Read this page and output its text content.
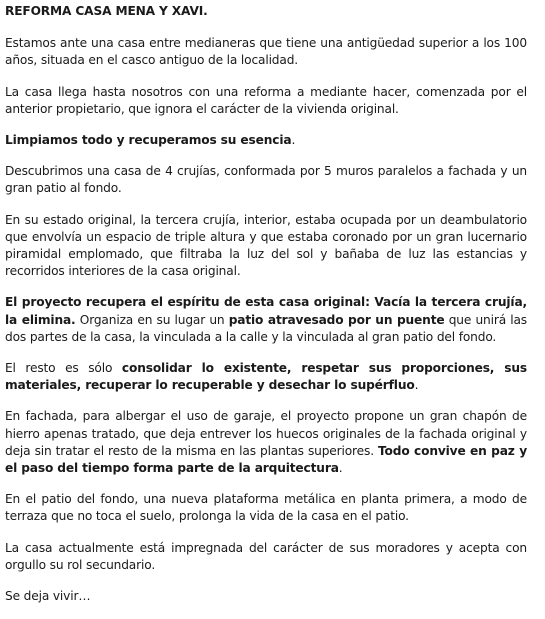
REFORMA CASA MENA Y XAVI.

Estamos ante una casa entre medianeras que tiene una antigüedad superior a los 100 años, situada en el casco antiguo de la localidad.

La casa llega hasta nosotros con una reforma a mediante hacer, comenzada por el anterior propietario, que ignora el carácter de la vivienda original.

Limpiamos todo y recuperamos su esencia.

Descubrimos una casa de 4 crujías, conformada por 5 muros paralelos a fachada y un gran patio al fondo.

En su estado original, la tercera crujía, interior, estaba ocupada por un deambulatorio que envolvía un espacio de triple altura y que estaba coronado por un gran lucernario piramidal emplomado, que filtraba la luz del sol y bañaba de luz las estancias y recorridos interiores de la casa original.

El proyecto recupera el espíritu de esta casa original: Vacía la tercera crujía, la elimina. Organiza en su lugar un patio atravesado por un puente que unirá las dos partes de la casa, la vinculada a la calle y la vinculada al gran patio del fondo.

El resto es sólo consolidar lo existente, respetar sus proporciones, sus materiales, recuperar lo recuperable y desechar lo supérfluo.

En fachada, para albergar el uso de garaje, el proyecto propone un gran chapón de hierro apenas tratado, que deja entrever los huecos originales de la fachada original y deja sin tratar el resto de la misma en las plantas superiores. Todo convive en paz y el paso del tiempo forma parte de la arquitectura.

En el patio del fondo, una nueva plataforma metálica en planta primera, a modo de terraza que no toca el suelo, prolonga la vida de la casa en el patio.

La casa actualmente está impregnada del carácter de sus moradores y acepta con orgullo su rol secundario.

Se deja vivir…
